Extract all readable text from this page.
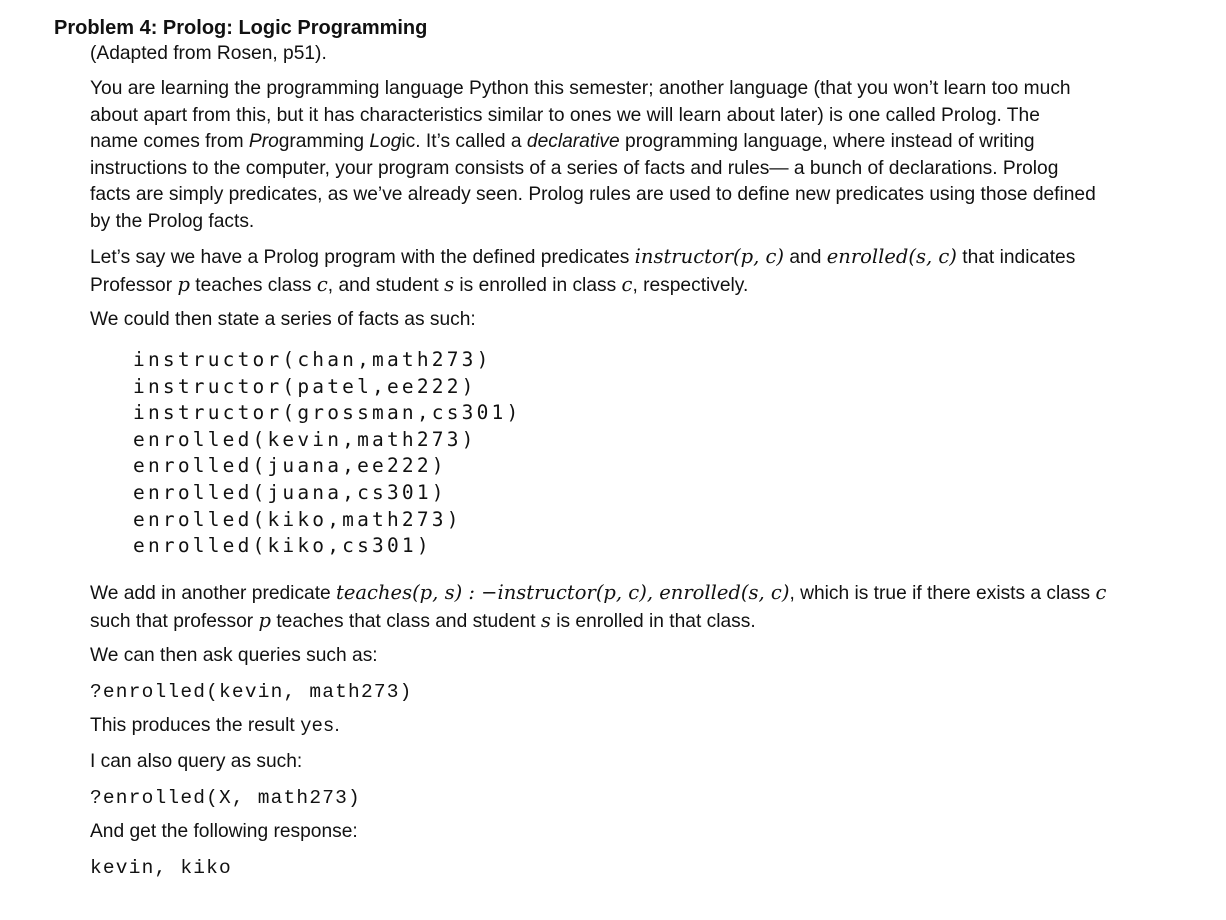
Problem 4: Prolog: Logic Programming
(Adapted from Rosen, p51).
You are learning the programming language Python this semester; another language (that you won’t learn too much
about apart from this, but it has characteristics similar to ones we will learn about later) is one called Prolog. The
name comes from Programming Logic. It’s called a declarative programming language, where instead of writing
instructions to the computer, your program consists of a series of facts and rules— a bunch of declarations. Prolog
facts are simply predicates, as we’ve already seen. Prolog rules are used to define new predicates using those defined
by the Prolog facts.
Let’s say we have a Prolog program with the defined predicates instructor(p, c) and enrolled(s, c) that indicates
Professor p teaches class c, and student s is enrolled in class c, respectively.
We could then state a series of facts as such:
instructor(chan,math273)
instructor(patel,ee222)
instructor(grossman,cs301)
enrolled(kevin,math273)
enrolled(juana,ee222)
enrolled(juana,cs301)
enrolled(kiko,math273)
enrolled(kiko,cs301)
We add in another predicate teaches(p, s) : −instructor(p, c), enrolled(s, c), which is true if there exists a class c
such that professor p teaches that class and student s is enrolled in that class.
We can then ask queries such as:
?enrolled(kevin, math273)
This produces the result yes.
I can also query as such:
?enrolled(X, math273)
And get the following response:
kevin, kiko
